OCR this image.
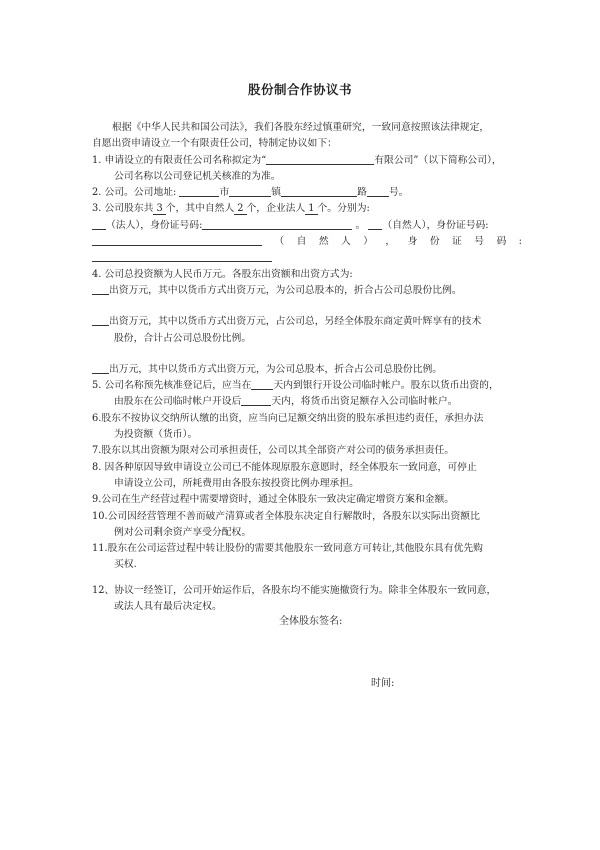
股份制合作协议书
根据《中华人民共和国公司法》，我们各股东经过慎重研究，一致同意按照该法律规定，
自愿出资申请设立一个有限责任公司，特制定协议如下：
1. 申请设立的有限责任公司名称拟定为“	有限公司”（以下简称公司），
公司名称以公司登记机关核准的为准。
2. 公司。公司地址:	市	镇	路 号。
3. 公司股东共 3 个，其中自然人 2 个，企业法人 1 个。分别为:
（法人），身份证号码:	。 （自然人），身份证号码:
（ 自 然 人 ） ， 身 份 证 号 码 :
4. 公司总投资额为人民币万元。各股东出资额和出资方式为:
出资万元，其中以货币方式出资万元，为公司总股本的，折合占公司总股份比例。
出资万元，其中以货币方式出资万元，占公司总，另经全体股东商定黄叶辉享有的技术
股份，合计占公司总股份比例。
出万元，其中以货币方式出资万元，为公司总股本，折合占公司总股份比例。
5. 公司名称预先核准登记后，应当在 天内到银行开设公司临时帐户。股东以货币出资的，
由股东在公司临时帐户开设后	天内，将货币出资足额存入公司临时帐户。
6.股东不按协议交纳所认缴的出资，应当向已足额交纳出资的股东承担违约责任，承担办法
为投资额（货币）。
7.股东以其出资额为限对公司承担责任，公司以其全部资产对公司的债务承担责任。
8. 因各种原因导致申请设立公司已不能体现原股东意愿时，经全体股东一致同意，可停止
申请设立公司，所耗费用由各股东按投资比例办理承担。
9.公司在生产经营过程中需要增资时，通过全体股东一致决定确定增资方案和金额。
10.公司因经营管理不善而破产清算或者全体股东决定自行解散时，各股东以实际出资额比
例对公司剩余资产享受分配权。
11.股东在公司运营过程中转让股份的需要其他股东一致同意方可转让,其他股东具有优先购
买权.
12、协议一经签订，公司开始运作后，各股东均不能实施撤资行为。除非全体股东一致同意，
或法人具有最后决定权。
全体股东签名:
时间:
